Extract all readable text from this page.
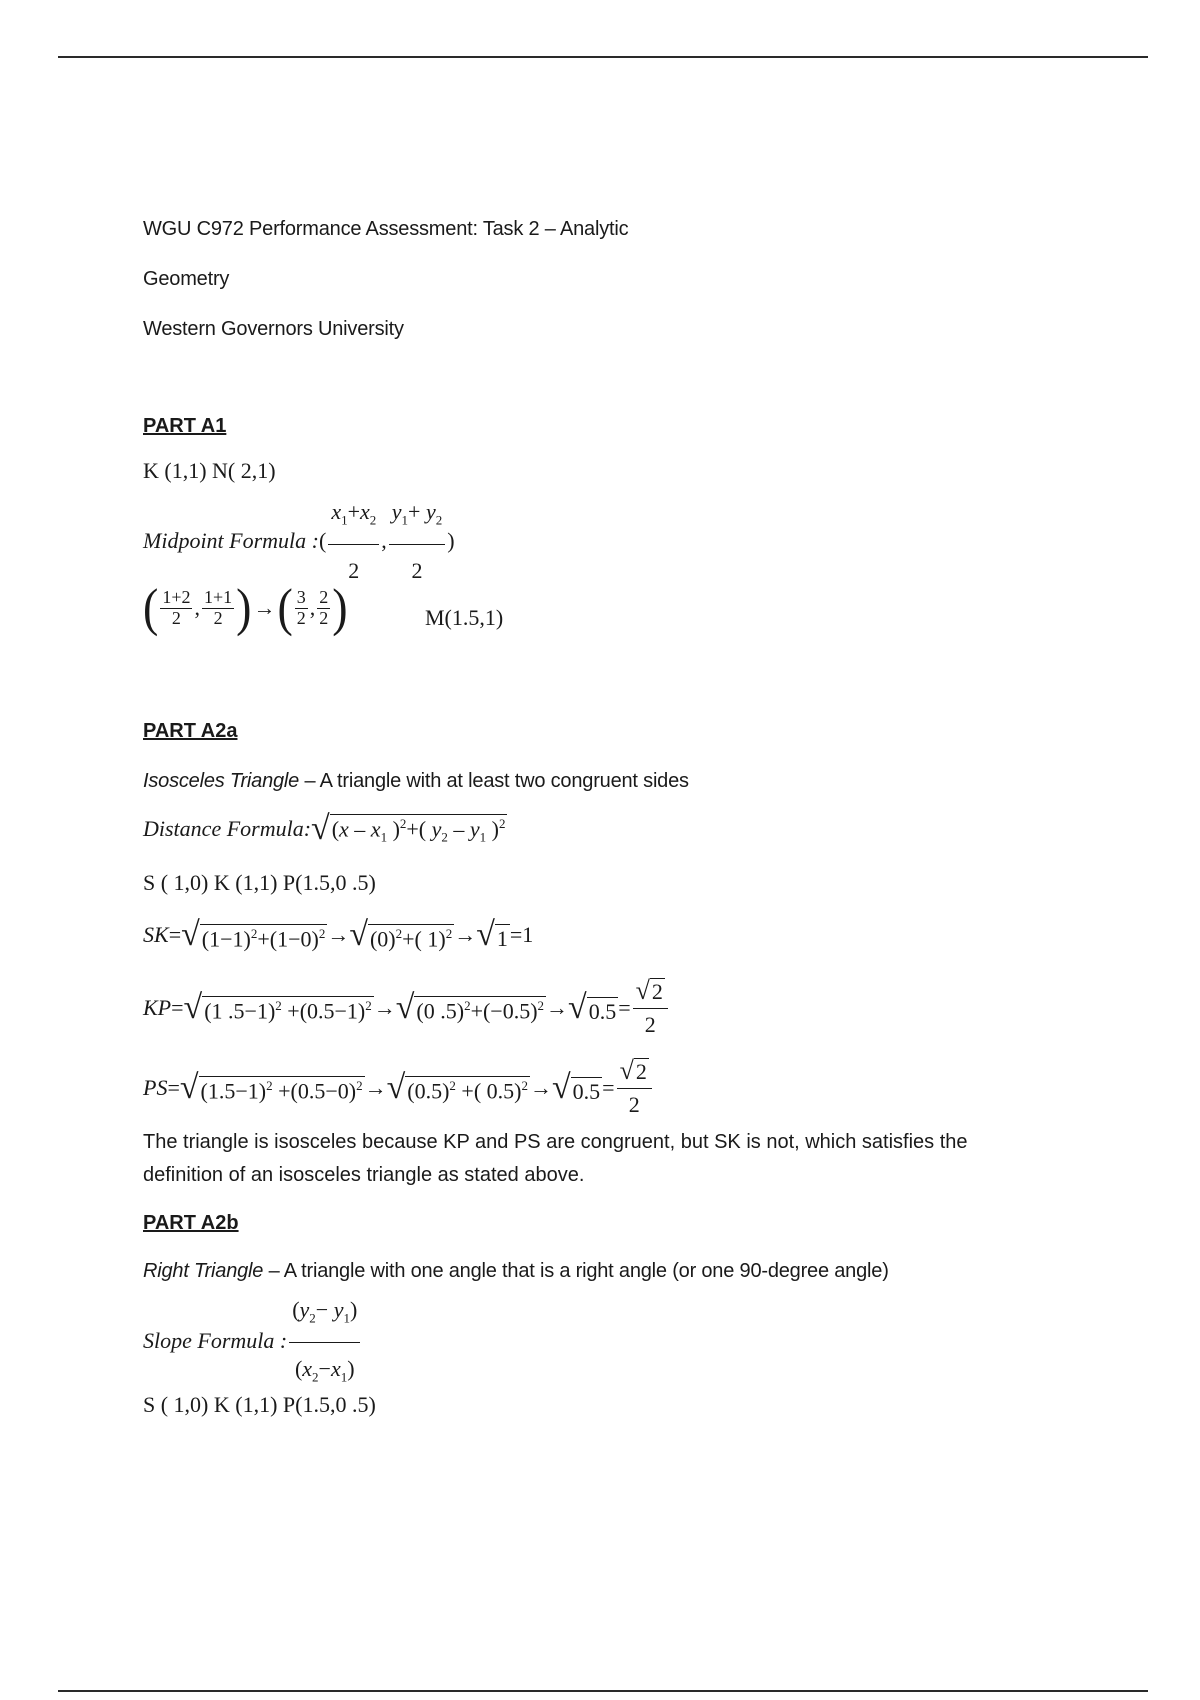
WGU C972 Performance Assessment: Task 2 – Analytic
Geometry
Western Governors University
PART A1
K (1,1) N( 2,1)
Midpoint Formula : ( $\frac{x_1+x_2}{2}$ , $\frac{y_1+ y_2}{2}$ )
( $\frac{1+2}{2}$ , $\frac{1+1}{2}$ ) → ( $\frac{3}{2}$ , $\frac{2}{2}$ )	M(1.5,1)
PART A2a
Isosceles Triangle – A triangle with at least two congruent sides
Distance Formula: √ ($x - x_1$ )$^2$+( $y_2 - y_1$ )$^2$
S ( 1,0) K (1,1) P(1.5,0 .5)
SK = √ $(1-1)^2+(1-0)^2$ → √ $(0)^2+$( 1)$^2$ → √ 1 =1
KP = √ (1 $.5-1)^2 +(0.5-1)^2$ → √ (0 $.5)^2+(-0.5)^2$ → √ $0.5 = \frac{√ 2}{2}$
PS = √ $(1.5-1)^2 +(0.5-0)^2$ → √ $(0.5)^2$ +( 0.5)$^2$ → √ $0.5 = \frac{√ 2}{2}$
The triangle is isosceles because KP and PS are congruent, but SK is not, which satisfies the definition of an isosceles triangle as stated above.
PART A2b
Right Triangle – A triangle with one angle that is a right angle (or one 90-degree angle)
Slope Formula : $\frac{(y_2- y_1)}{(x_2-x_1)}$
S ( 1,0) K (1,1) P(1.5,0 .5)
